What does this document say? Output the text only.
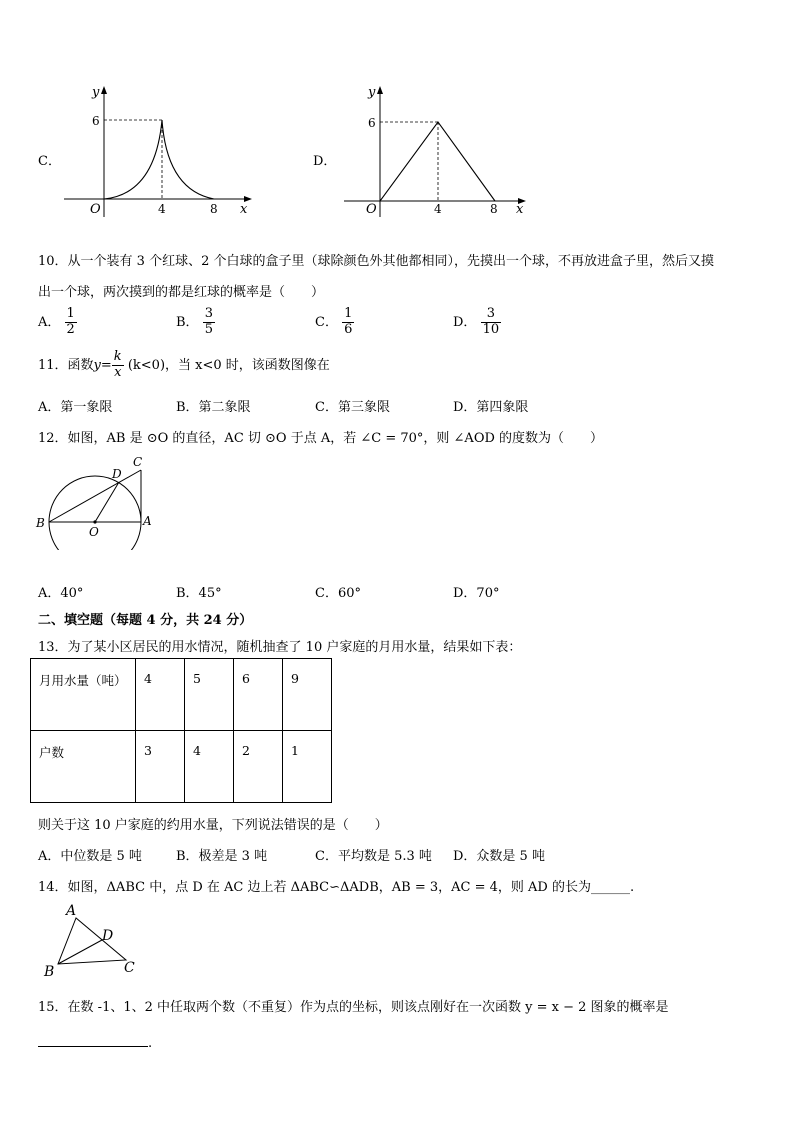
C．
y
6
O	4	8 x
D．
y
6
O	4	8 x
10．从一个装有 3 个红球、2 个白球的盒子里（球除颜色外其他都相同），先摸出一个球，不再放进盒子里，然后又摸
出一个球，两次摸到的都是红球的概率是（　　）
A． $\frac{1}{2}$	B． $\frac{3}{5}$	C． $\frac{1}{6}$	D． $\frac{3}{10}$
11．函数$y= \frac{k}{x} (k<0)$，当 x<0 时，该函数图像在
A．第一象限	B．第二象限	C．第三象限	D．第四象限
12．如图，AB 是 ⊙O 的直径，AC 切 ⊙O 于点 A，若 ∠C = 70°，则 ∠AOD 的度数为（　　）
B	A
O
D
C
A．40°	B．45°	C．60°	D．70°
二、填空题（每题 4 分，共 24 分）
13．为了某小区居民的用水情况，随机抽查了 10 户家庭的月用水量，结果如下表：
月用水量（吨）	4	5	6	9
户数	3	4	2	1
则关于这 10 户家庭的约用水量，下列说法错误的是（　　）
A．中位数是 5 吨	B．极差是 3 吨	C．平均数是 5.3 吨 D．众数是 5 吨
14．如图，ΔABC 中，点 D 在 AC 边上若 ΔABC∽ΔADB，AB = 3，AC = 4，则 AD 的长为______.
A
D
B	C
15．在数 -1、1、2 中任取两个数（不重复）作为点的坐标，则该点刚好在一次函数 y = x − 2 图象的概率是
.
